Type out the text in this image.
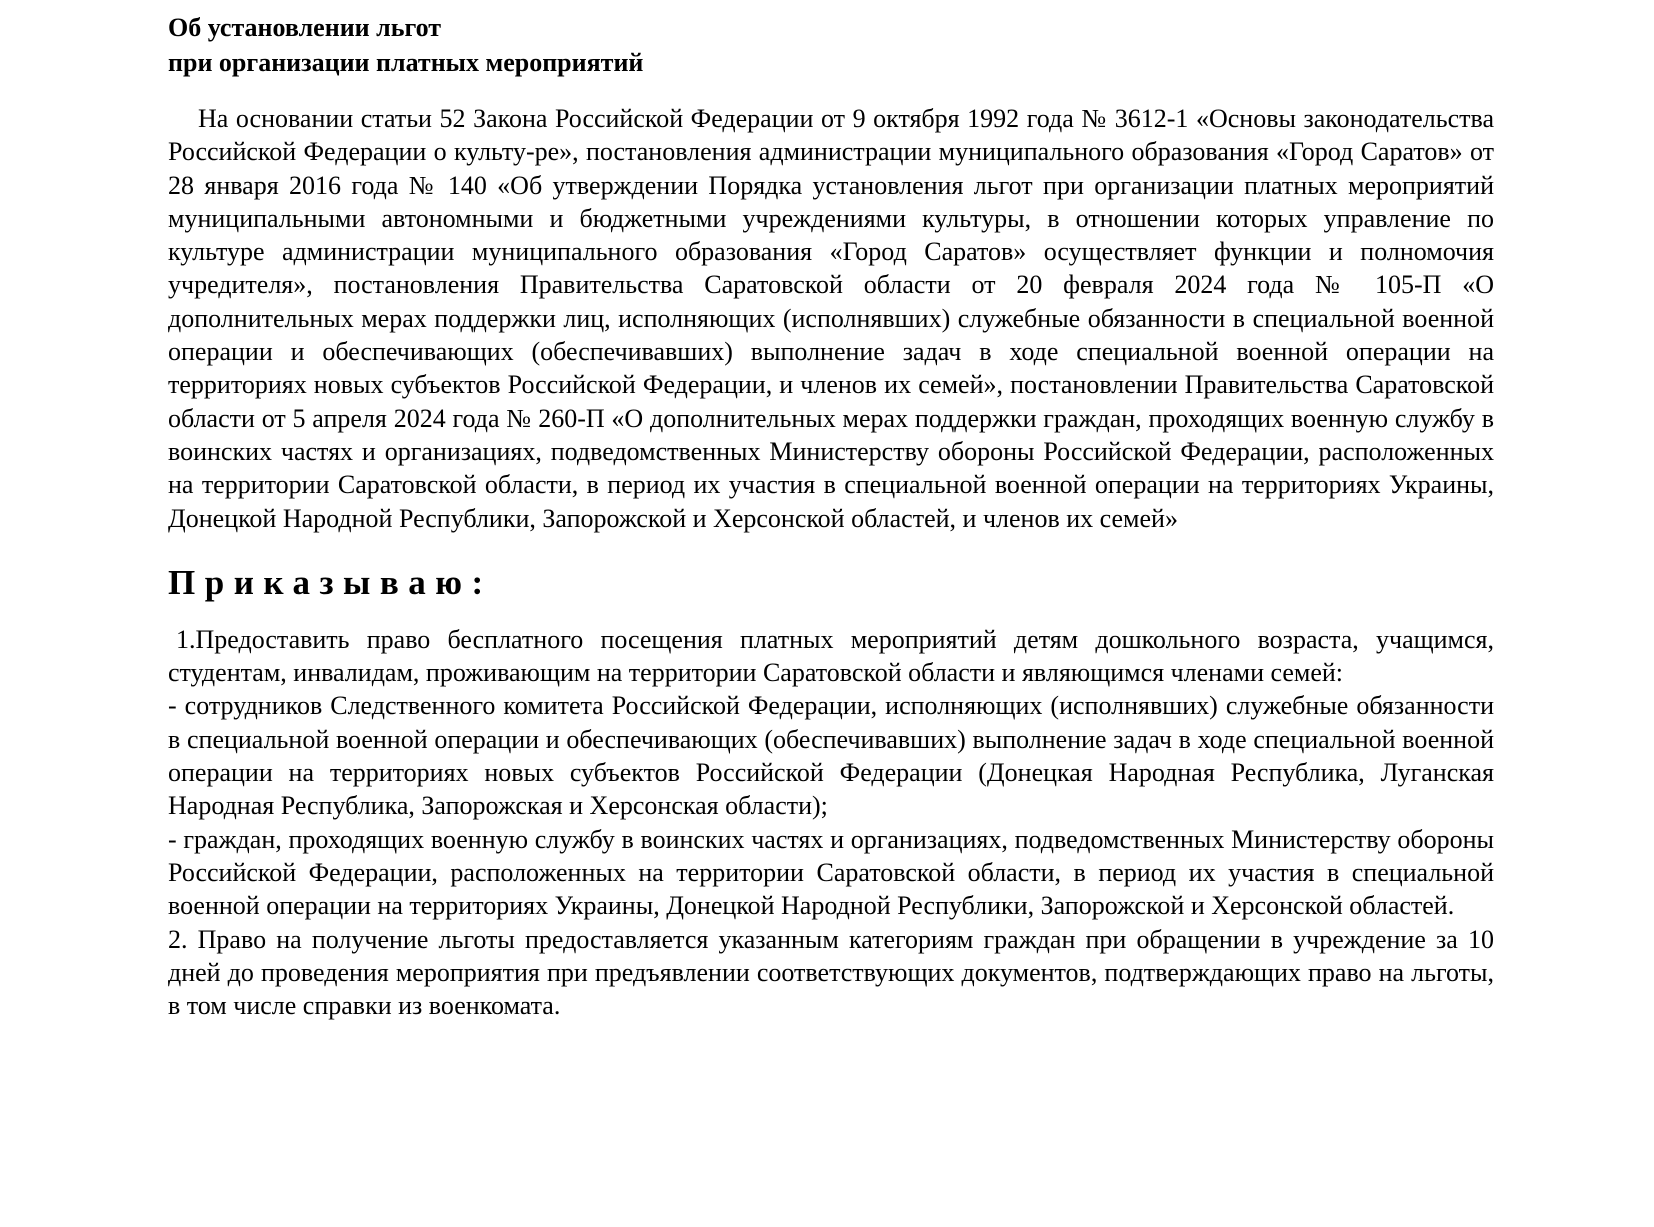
Об установлении льгот

при организации платных мероприятий

На основании статьи 52 Закона Российской Федерации от 9 октября 1992 года № 3612-1 «Основы законодательства Российской Федерации о культу-ре», постановления администрации муниципального образования «Город Саратов» от 28 января 2016 года № 140 «Об утверждении Порядка установления льгот при организации платных мероприятий муниципальными автономными и бюджетными учреждениями культуры, в отношении которых управление по культуре администрации муниципального образования «Город Саратов» осуществляет функции и полномочия учредителя», постановления Правительства Саратовской области от 20 февраля 2024 года № 105-П «О дополнительных мерах поддержки лиц, исполняющих (исполнявших) служебные обязанности в специальной военной операции и обеспечивающих (обеспечивавших) выполнение задач в ходе специальной военной операции на территориях новых субъектов Российской Федерации, и членов их семей», постановлении Правительства Саратовской области от 5 апреля 2024 года № 260-П «О дополнительных мерах поддержки граждан, проходящих военную службу в воинских частях и организациях, подведомственных Министерству обороны Российской Федерации, расположенных на территории Саратовской области, в период их участия в специальной военной операции на территориях Украины, Донецкой Народной Республики, Запорожской и Херсонской областей, и членов их семей»

Приказываю:

1.Предоставить право бесплатного посещения платных мероприятий детям дошкольного возраста, учащимся, студентам, инвалидам, проживающим на территории Саратовской области и являющимся членами семей:

- сотрудников Следственного комитета Российской Федерации, исполняющих (исполнявших) служебные обязанности в специальной военной операции и обеспечивающих (обеспечивавших) выполнение задач в ходе специальной военной операции на территориях новых субъектов Российской Федерации (Донецкая Народная Республика, Луганская Народная Республика, Запорожская и Херсонская области);

- граждан, проходящих военную службу в воинских частях и организациях, подведомственных Министерству обороны Российской Федерации, расположенных на территории Саратовской области, в период их участия в специальной военной операции на территориях Украины, Донецкой Народной Республики, Запорожской и Херсонской областей.

2. Право на получение льготы предоставляется указанным категориям граждан при обращении в учреждение за 10 дней до проведения мероприятия при предъявлении соответствующих документов, подтверждающих право на льготы, в том числе справки из военкомата.
